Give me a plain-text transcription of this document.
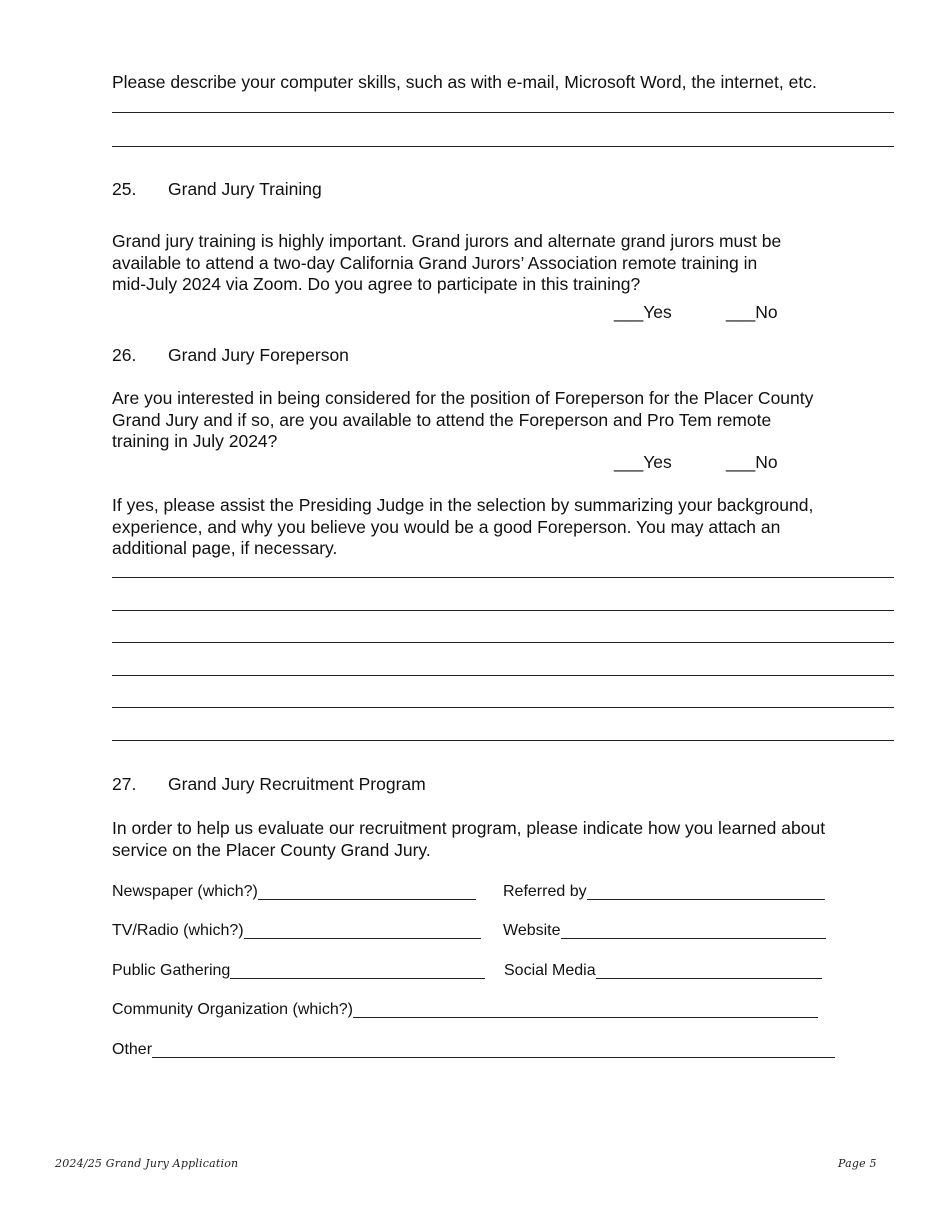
Please describe your computer skills, such as with e-mail, Microsoft Word, the internet, etc.
25. Grand Jury Training
Grand jury training is highly important. Grand jurors and alternate grand jurors must be
available to attend a two-day California Grand Jurors’ Association remote training in
mid-July 2024 via Zoom. Do you agree to participate in this training?
___Yes	___No
26. Grand Jury Foreperson
Are you interested in being considered for the position of Foreperson for the Placer County
Grand Jury and if so, are you available to attend the Foreperson and Pro Tem remote
training in July 2024?
___Yes	___No
If yes, please assist the Presiding Judge in the selection by summarizing your background,
experience, and why you believe you would be a good Foreperson. You may attach an
additional page, if necessary.
27. Grand Jury Recruitment Program
In order to help us evaluate our recruitment program, please indicate how you learned about
service on the Placer County Grand Jury.
Newspaper (which?)	Referred by
TV/Radio (which?)	Website
Public Gathering	Social Media
Community Organization (which?)
Other
2024/25 Grand Jury Application	Page 5
